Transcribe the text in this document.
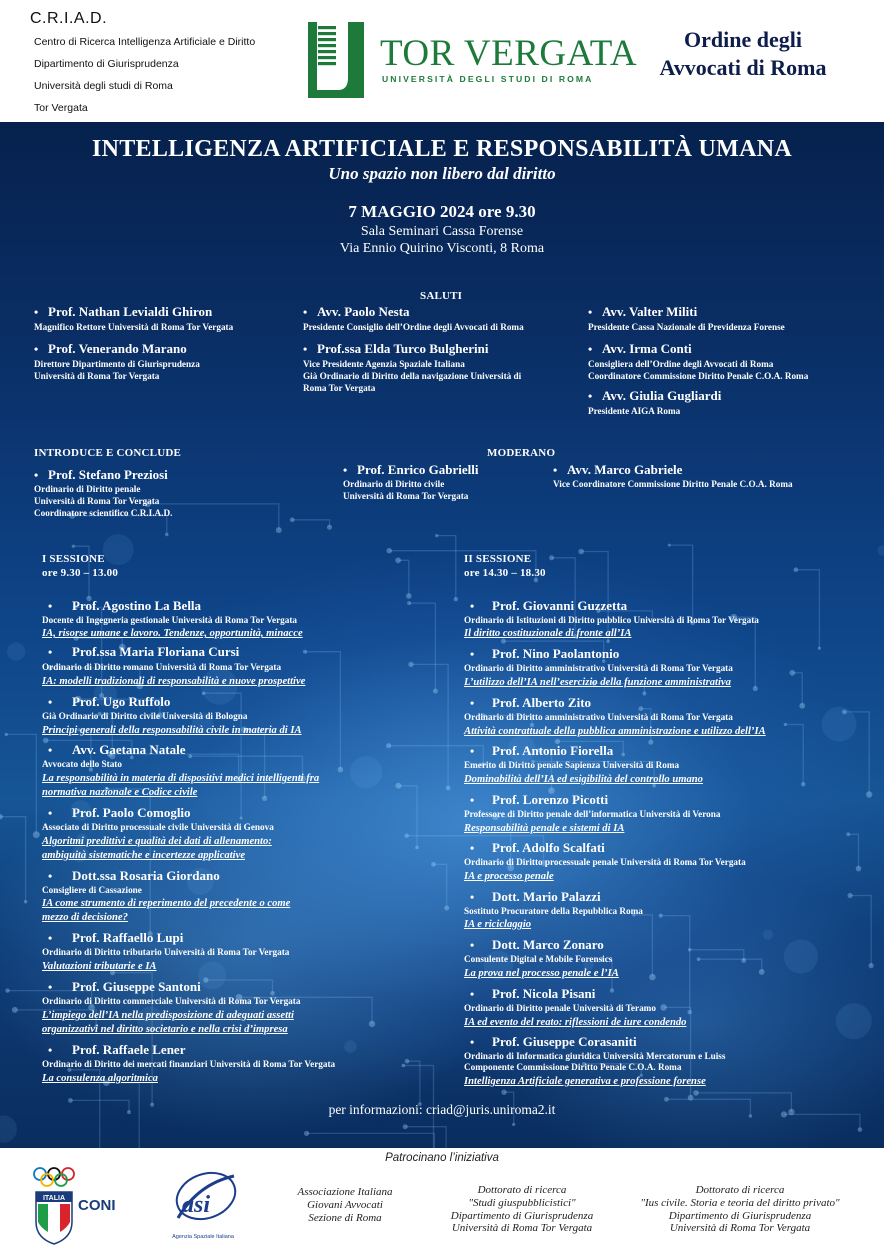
C.R.I.A.D.
Centro di Ricerca Intelligenza Artificiale e Diritto
Dipartimento di Giurisprudenza
Università degli studi di Roma
Tor Vergata
TOR VERGATA
UNIVERSITÀ DEGLI STUDI DI ROMA
Ordine degli
Avvocati di Roma
INTELLIGENZA ARTIFICIALE E RESPONSABILITÀ UMANA
Uno spazio non libero dal diritto
7 MAGGIO 2024 ore 9.30
Sala Seminari Cassa Forense
Via Ennio Quirino Visconti, 8 Roma
SALUTI
• Prof. Nathan Levialdi Ghiron
Magnifico Rettore Università di Roma Tor Vergata
• Prof. Venerando Marano
Direttore Dipartimento di Giurisprudenza
Università di Roma Tor Vergata
• Avv. Paolo Nesta
Presidente Consiglio dell’Ordine degli Avvocati di Roma
• Prof.ssa Elda Turco Bulgherini
Vice Presidente Agenzia Spaziale Italiana
Già Ordinario di Diritto della navigazione Università di
Roma Tor Vergata
• Avv. Valter Militi
Presidente Cassa Nazionale di Previdenza Forense
• Avv. Irma Conti
Consigliera dell’Ordine degli Avvocati di Roma
Coordinatore Commissione Diritto Penale C.O.A. Roma
• Avv. Giulia Gugliardi
Presidente AIGA Roma
INTRODUCE E CONCLUDE
• Prof. Stefano Preziosi
Ordinario di Diritto penale
Università di Roma Tor Vergata
Coordinatore scientifico C.R.I.A.D.
MODERANO
• Prof. Enrico Gabrielli
Ordinario di Diritto civile
Università di Roma Tor Vergata
• Avv. Marco Gabriele
Vice Coordinatore Commissione Diritto Penale C.O.A. Roma
I SESSIONE
ore 9.30 – 13.00
II SESSIONE
ore 14.30 – 18.30
• Prof. Agostino La Bella
Docente di Ingegneria gestionale Università di Roma Tor Vergata
IA, risorse umane e lavoro. Tendenze, opportunità, minacce
• Prof.ssa Maria Floriana Cursi
Ordinario di Diritto romano Università di Roma Tor Vergata
IA: modelli tradizionali di responsabilità e nuove prospettive
• Prof. Ugo Ruffolo
Già Ordinario di Diritto civile Università di Bologna
Principi generali della responsabilità civile in materia di IA
• Avv. Gaetana Natale
Avvocato dello Stato
La responsabilità in materia di dispositivi medici intelligenti fra
normativa nazionale e Codice civile
• Prof. Paolo Comoglio
Associato di Diritto processuale civile Università di Genova
Algoritmi predittivi e qualità dei dati di allenamento:
ambiguità sistematiche e incertezze applicative
• Dott.ssa Rosaria Giordano
Consigliere di Cassazione
IA come strumento di reperimento del precedente o come
mezzo di decisione?
• Prof. Raffaello Lupi
Ordinario di Diritto tributario Università di Roma Tor Vergata
Valutazioni tributarie e IA
• Prof. Giuseppe Santoni
Ordinario di Diritto commerciale Università di Roma Tor Vergata
L’impiego dell’IA nella predisposizione di adeguati assetti
organizzativi nel diritto societario e nella crisi d’impresa
• Prof. Raffaele Lener
Ordinario di Diritto dei mercati finanziari Università di Roma Tor Vergata
La consulenza algoritmica
• Prof. Giovanni Guzzetta
Ordinario di Istituzioni di Diritto pubblico Università di Roma Tor Vergata
Il diritto costituzionale di fronte all’IA
• Prof. Nino Paolantonio
Ordinario di Diritto amministrativo Università di Roma Tor Vergata
L’utilizzo dell’IA nell’esercizio della funzione amministrativa
• Prof. Alberto Zito
Ordinario di Diritto amministrativo Università di Roma Tor Vergata
Attività contrattuale della pubblica amministrazione e utilizzo dell’IA
• Prof. Antonio Fiorella
Emerito di Diritto penale Sapienza Università di Roma
Dominabilità dell’IA ed esigibilità del controllo umano
• Prof. Lorenzo Picotti
Professore di Diritto penale dell’informatica Università di Verona
Responsabilità penale e sistemi di IA
• Prof. Adolfo Scalfati
Ordinario di Diritto processuale penale Università di Roma Tor Vergata
IA e processo penale
• Dott. Mario Palazzi
Sostituto Procuratore della Repubblica Roma
IA e riciclaggio
• Dott. Marco Zonaro
Consulente Digital e Mobile Forensics
La prova nel processo penale e l’IA
• Prof. Nicola Pisani
Ordinario di Diritto penale Università di Teramo
IA ed evento del reato: riflessioni de iure condendo
• Prof. Giuseppe Corasaniti
Ordinario di Informatica giuridica Università Mercatorum e Luiss
Componente Commissione Diritto Penale C.O.A. Roma
Intelligenza Artificiale generativa e professione forense
per informazioni: criad@juris.uniroma2.it
Patrocinano l’iniziativa
ITALIA CONI	asi
Agenzia Spaziale Italiana
Associazione Italiana
Giovani Avvocati
Sezione di Roma
Dottorato di ricerca
"Studi giuspubblicistici"
Dipartimento di Giurisprudenza
Università di Roma Tor Vergata
Dottorato di ricerca
"Ius civile. Storia e teoria del diritto privato"
Dipartimento di Giurisprudenza
Università di Roma Tor Vergata
